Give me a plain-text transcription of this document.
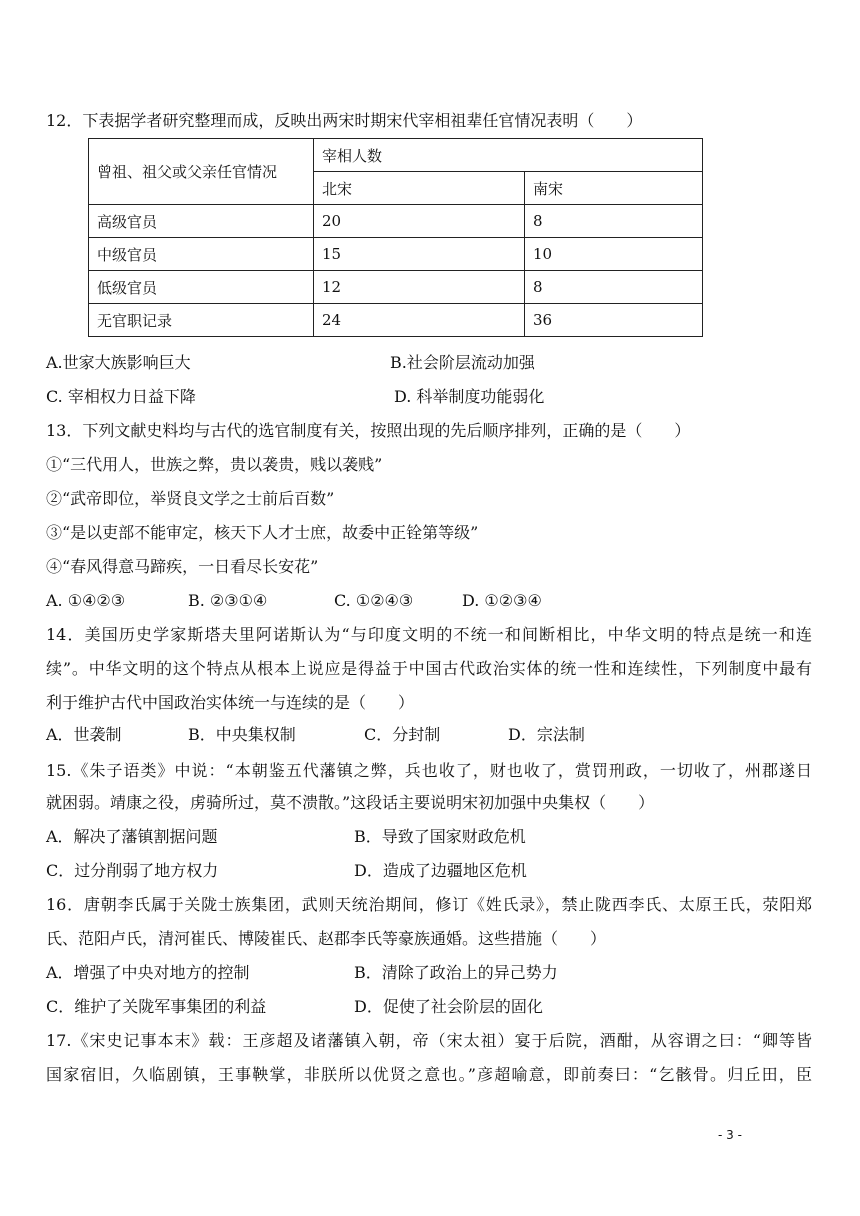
12．下表据学者研究整理而成，反映出两宋时期宋代宰相祖辈任官情况表明（　　）
曾祖、祖父或父亲任官情况	宰相人数	
	北宋	南宋
高级官员	20	8
中级官员	15	10
低级官员	12	8
无官职记录	24	36
A.世家大族影响巨大	B.社会阶层流动加强
C. 宰相权力日益下降	D. 科举制度功能弱化
13．下列文献史料均与古代的选官制度有关，按照出现的先后顺序排列，正确的是（　　）
①“三代用人，世族之弊，贵以袭贵，贱以袭贱”
②“武帝即位，举贤良文学之士前后百数”
③“是以吏部不能审定，核天下人才士庶，故委中正铨第等级”
④“春风得意马蹄疾，一日看尽长安花”
A. ①④②③	B. ②③①④	C. ①②④③	D. ①②③④
14．美国历史学家斯塔夫里阿诺斯认为“与印度文明的不统一和间断相比，中华文明的特点是统一和连
续”。中华文明的这个特点从根本上说应是得益于中国古代政治实体的统一性和连续性，下列制度中最有
利于维护古代中国政治实体统一与连续的是（　　）
A．世袭制	B．中央集权制	C．分封制	D．宗法制
15.《朱子语类》中说：“本朝鉴五代藩镇之弊，兵也收了，财也收了，赏罚刑政，一切收了，州郡遂日
就困弱。靖康之役，虏骑所过，莫不溃散。”这段话主要说明宋初加强中央集权（　　）
A．解决了藩镇割据问题	B．导致了国家财政危机
C．过分削弱了地方权力	D．造成了边疆地区危机
16．唐朝李氏属于关陇士族集团，武则天统治期间，修订《姓氏录》，禁止陇西李氏、太原王氏，荥阳郑
氏、范阳卢氏，清河崔氏、博陵崔氏、赵郡李氏等豪族通婚。这些措施（　　）
A．增强了中央对地方的控制	B．清除了政治上的异己势力
C．维护了关陇军事集团的利益	D．促使了社会阶层的固化
17.《宋史记事本末》载：王彦超及诸藩镇入朝，帝（宋太祖）宴于后院，酒酣，从容谓之曰：“卿等皆
国家宿旧，久临剧镇，王事鞅掌，非朕所以优贤之意也。”彦超喻意，即前奏曰：“乞骸骨。归丘田，臣
- 3 -
